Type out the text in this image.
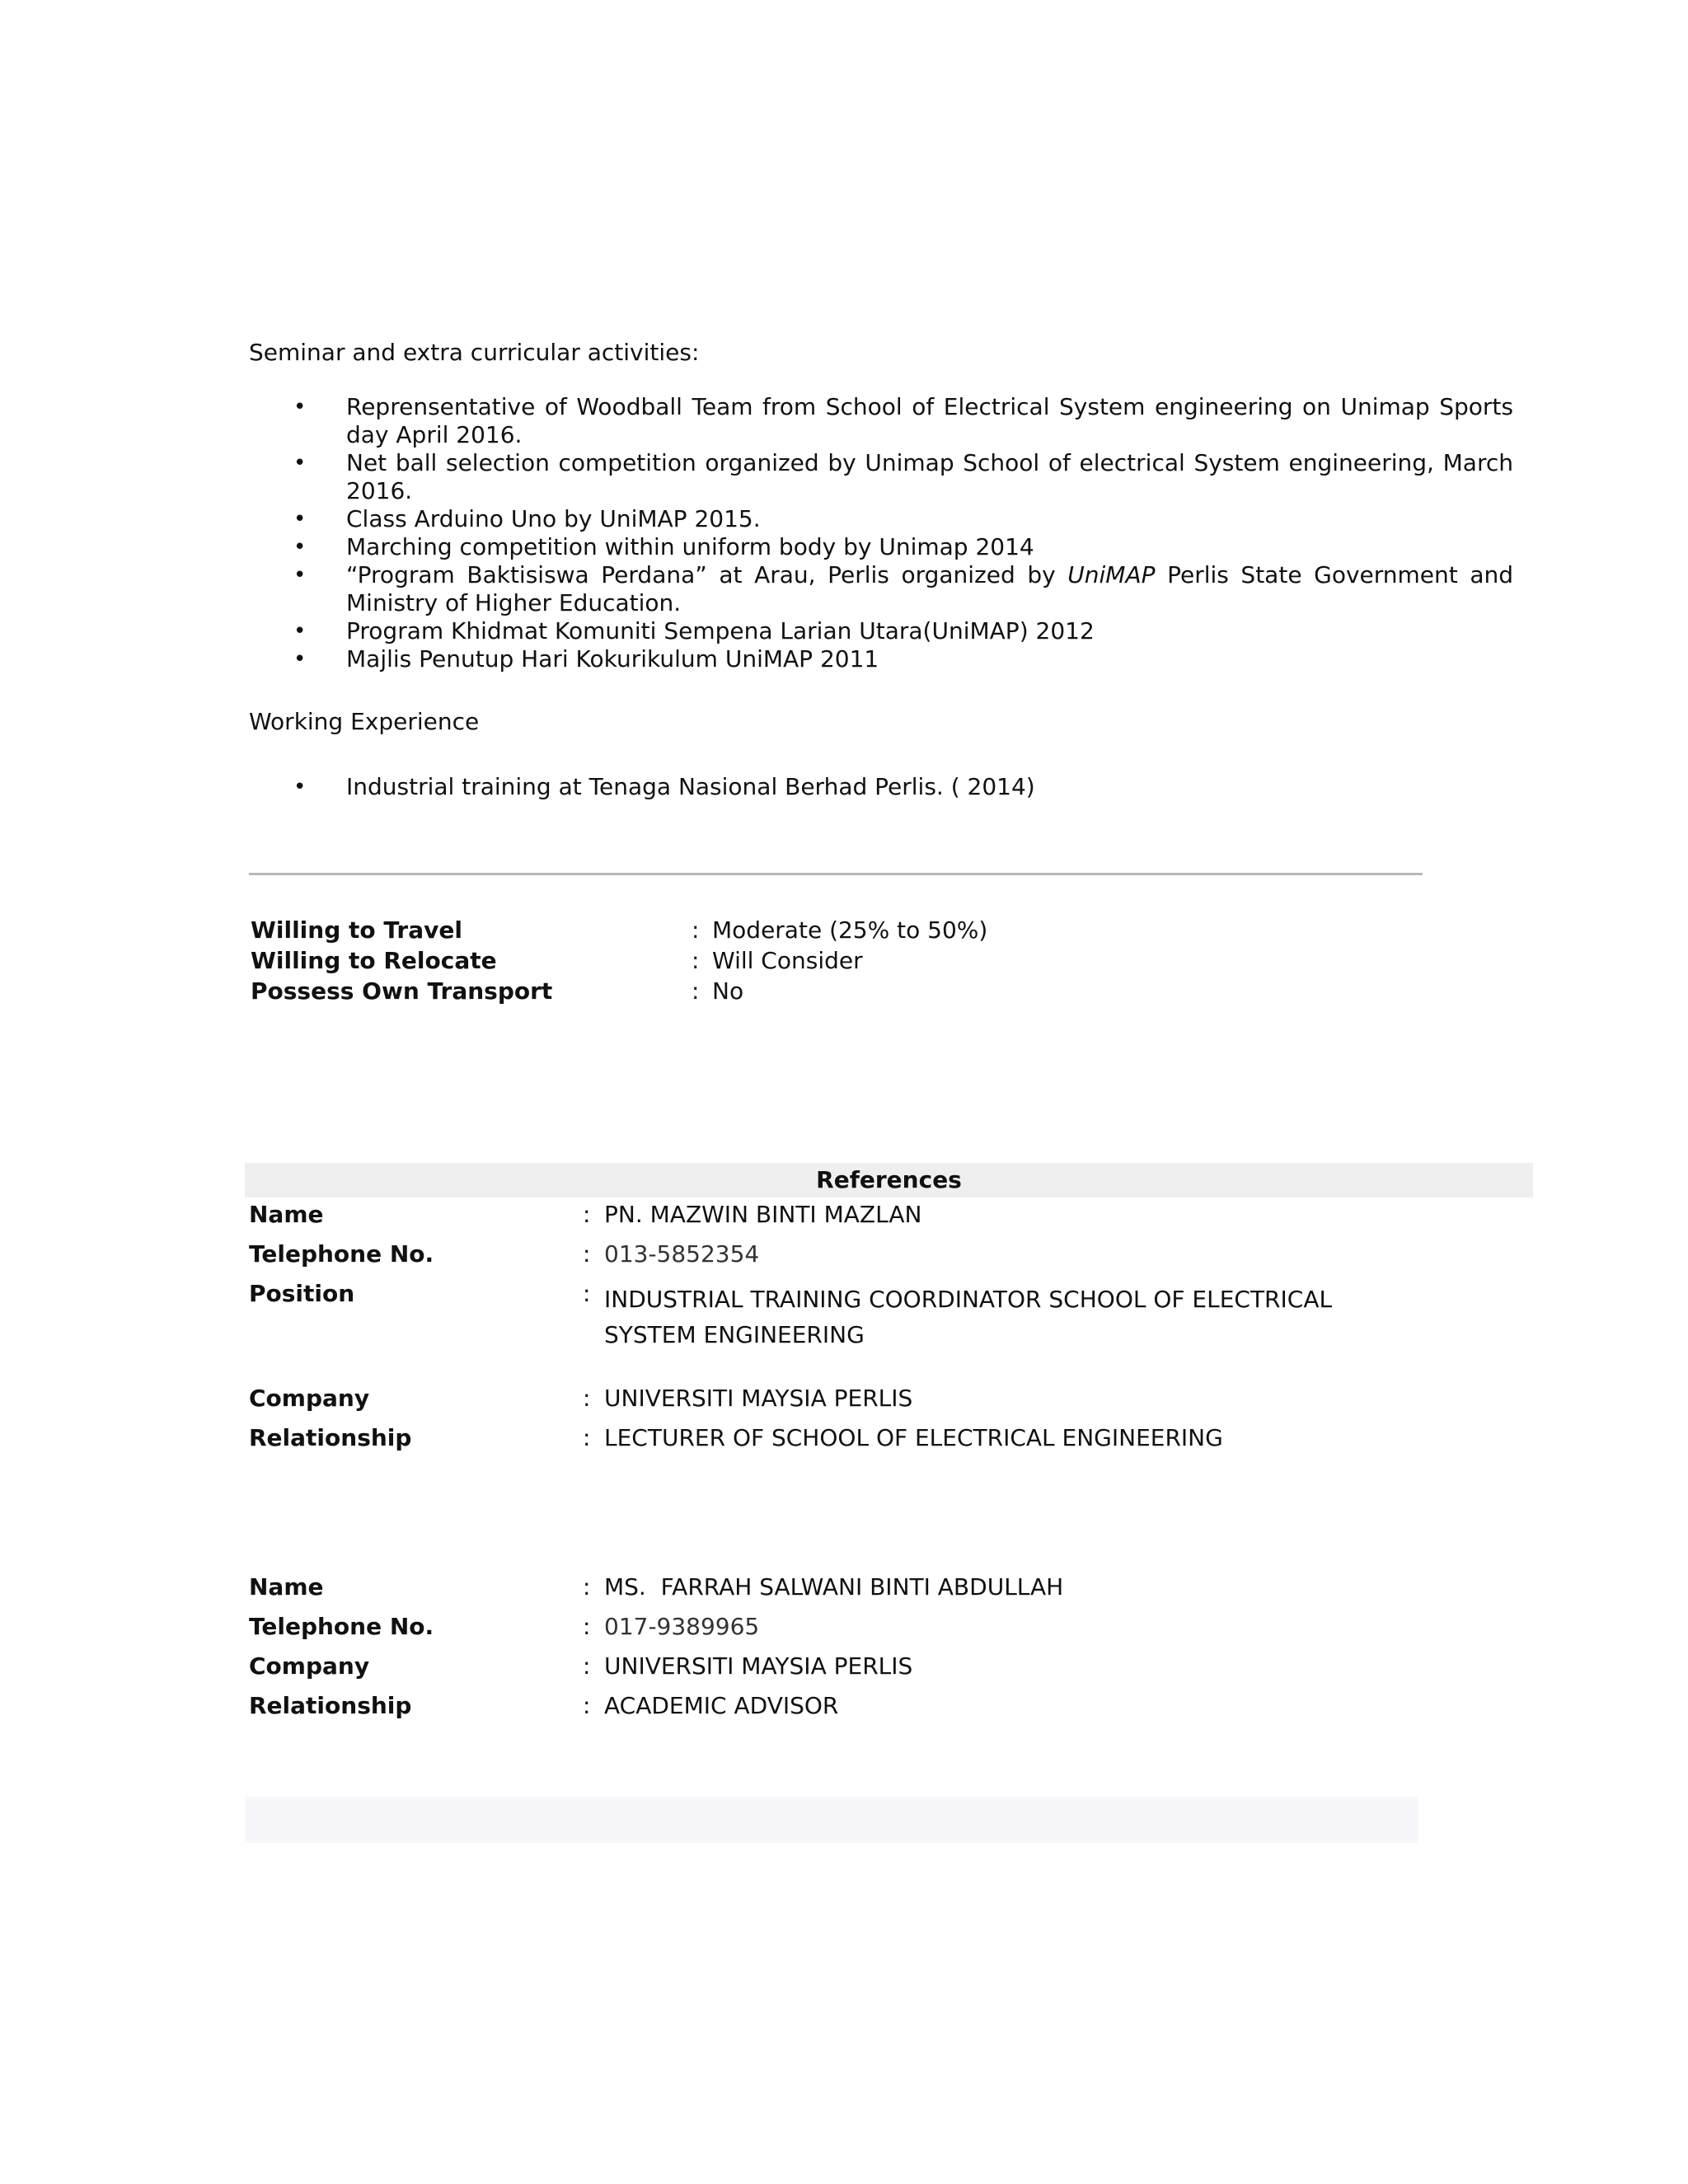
Seminar and extra curricular activities:
• Reprensentative of Woodball Team from School of Electrical System engineering on Unimap Sports day April 2016.
• Net ball selection competition organized by Unimap School of electrical System engineering, March 2016.
• Class Arduino Uno by UniMAP 2015.
• Marching competition within uniform body by Unimap 2014
• “Program Baktisiswa Perdana” at Arau, Perlis organized by UniMAP Perlis State Government and Ministry of Higher Education.
• Program Khidmat Komuniti Sempena Larian Utara(UniMAP) 2012
• Majlis Penutup Hari Kokurikulum UniMAP 2011
Working Experience
• Industrial training at Tenaga Nasional Berhad Perlis. ( 2014)
Willing to Travel	: Moderate (25% to 50%)
Willing to Relocate	: Will Consider
Possess Own Transport	: No
References
Name	: PN. MAZWIN BINTI MAZLAN
Telephone No.	: 013-5852354
Position	: INDUSTRIAL TRAINING COORDINATOR SCHOOL OF ELECTRICAL SYSTEM ENGINEERING
Company	: UNIVERSITI MAYSIA PERLIS
Relationship	: LECTURER OF SCHOOL OF ELECTRICAL ENGINEERING
Name	: MS.  FARRAH SALWANI BINTI ABDULLAH
Telephone No.	: 017-9389965
Company	: UNIVERSITI MAYSIA PERLIS
Relationship	: ACADEMIC ADVISOR
